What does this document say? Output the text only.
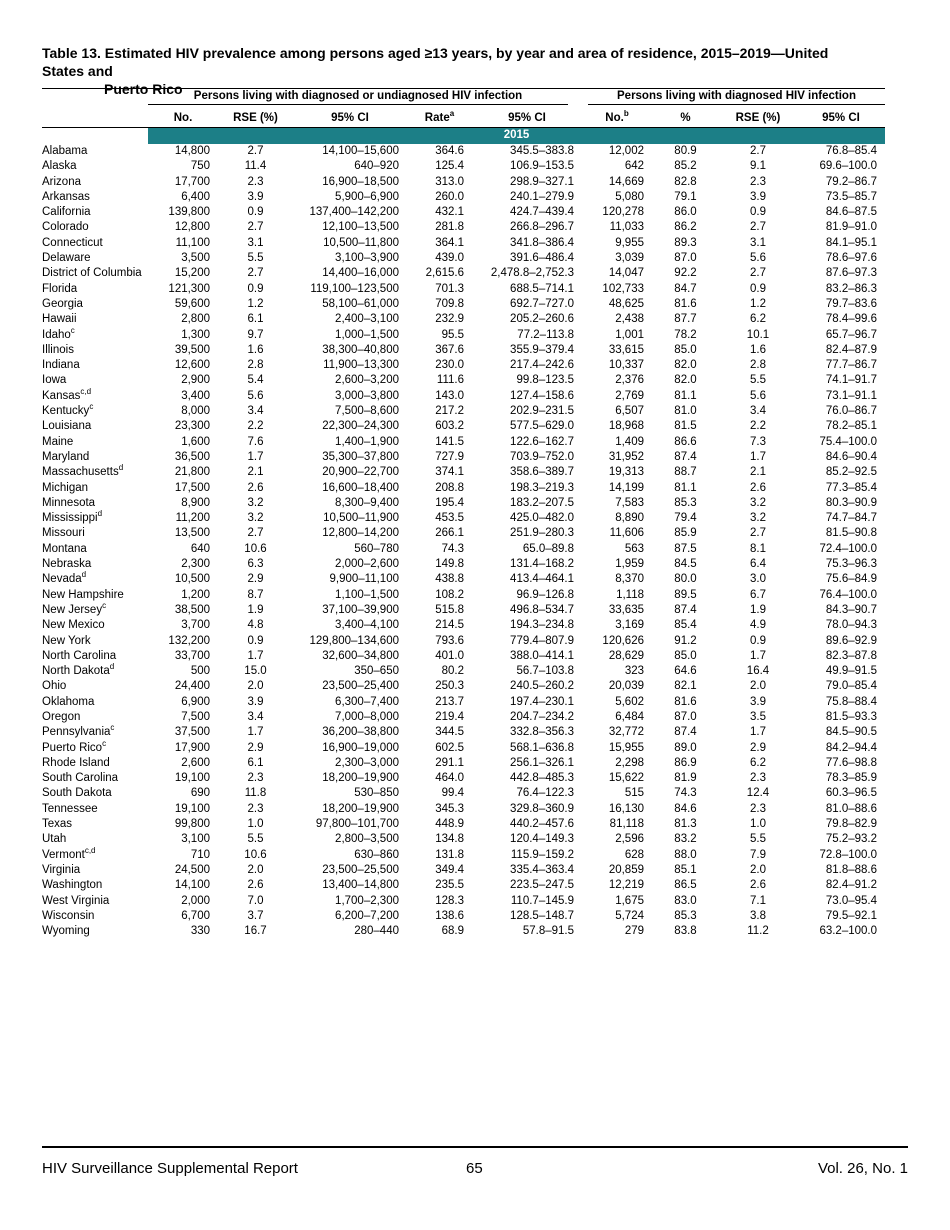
Table 13. Estimated HIV prevalence among persons aged ≥13 years, by year and area of residence, 2015–2019—United States and
Puerto Rico Persons living with diagnosed or undiagnosed HIV infection	Persons living with diagnosed HIV infection
	No.	RSE (%)	95% CI	Rate$^a$	95% CI	No.$^b$	%	RSE (%)	95% CI
	2015								
Alabama	14,800	2.7	14,100–15,600	364.6	345.5–383.8	12,002	80.9	2.7	76.8–85.4
Alaska	750	11.4	640–920	125.4	106.9–153.5	642	85.2	9.1	69.6–100.0
Arizona	17,700	2.3	16,900–18,500	313.0	298.9–327.1	14,669	82.8	2.3	79.2–86.7
Arkansas	6,400	3.9	5,900–6,900	260.0	240.1–279.9	5,080	79.1	3.9	73.5–85.7
California	139,800	0.9	137,400–142,200	432.1	424.7–439.4	120,278	86.0	0.9	84.6–87.5
Colorado	12,800	2.7	12,100–13,500	281.8	266.8–296.7	11,033	86.2	2.7	81.9–91.0
Connecticut	11,100	3.1	10,500–11,800	364.1	341.8–386.4	9,955	89.3	3.1	84.1–95.1
Delaware	3,500	5.5	3,100–3,900	439.0	391.6–486.4	3,039	87.0	5.6	78.6–97.6
District of Columbia	15,200	2.7	14,400–16,000	2,615.6	2,478.8–2,752.3	14,047	92.2	2.7	87.6–97.3
Florida	121,300	0.9	119,100–123,500	701.3	688.5–714.1	102,733	84.7	0.9	83.2–86.3
Georgia	59,600	1.2	58,100–61,000	709.8	692.7–727.0	48,625	81.6	1.2	79.7–83.6
Hawaii	2,800	6.1	2,400–3,100	232.9	205.2–260.6	2,438	87.7	6.2	78.4–99.6
Idaho$^c$	1,300	9.7	1,000–1,500	95.5	77.2–113.8	1,001	78.2	10.1	65.7–96.7
Illinois	39,500	1.6	38,300–40,800	367.6	355.9–379.4	33,615	85.0	1.6	82.4–87.9
Indiana	12,600	2.8	11,900–13,300	230.0	217.4–242.6	10,337	82.0	2.8	77.7–86.7
Iowa	2,900	5.4	2,600–3,200	111.6	99.8–123.5	2,376	82.0	5.5	74.1–91.7
Kansas$^{c,d}$	3,400	5.6	3,000–3,800	143.0	127.4–158.6	2,769	81.1	5.6	73.1–91.1
Kentucky$^c$	8,000	3.4	7,500–8,600	217.2	202.9–231.5	6,507	81.0	3.4	76.0–86.7
Louisiana	23,300	2.2	22,300–24,300	603.2	577.5–629.0	18,968	81.5	2.2	78.2–85.1
Maine	1,600	7.6	1,400–1,900	141.5	122.6–162.7	1,409	86.6	7.3	75.4–100.0
Maryland	36,500	1.7	35,300–37,800	727.9	703.9–752.0	31,952	87.4	1.7	84.6–90.4
Massachusetts$^d$	21,800	2.1	20,900–22,700	374.1	358.6–389.7	19,313	88.7	2.1	85.2–92.5
Michigan	17,500	2.6	16,600–18,400	208.8	198.3–219.3	14,199	81.1	2.6	77.3–85.4
Minnesota	8,900	3.2	8,300–9,400	195.4	183.2–207.5	7,583	85.3	3.2	80.3–90.9
Mississippi$^d$	11,200	3.2	10,500–11,900	453.5	425.0–482.0	8,890	79.4	3.2	74.7–84.7
Missouri	13,500	2.7	12,800–14,200	266.1	251.9–280.3	11,606	85.9	2.7	81.5–90.8
Montana	640	10.6	560–780	74.3	65.0–89.8	563	87.5	8.1	72.4–100.0
Nebraska	2,300	6.3	2,000–2,600	149.8	131.4–168.2	1,959	84.5	6.4	75.3–96.3
Nevada$^d$	10,500	2.9	9,900–11,100	438.8	413.4–464.1	8,370	80.0	3.0	75.6–84.9
New Hampshire	1,200	8.7	1,100–1,500	108.2	96.9–126.8	1,118	89.5	6.7	76.4–100.0
New Jersey$^c$	38,500	1.9	37,100–39,900	515.8	496.8–534.7	33,635	87.4	1.9	84.3–90.7
New Mexico	3,700	4.8	3,400–4,100	214.5	194.3–234.8	3,169	85.4	4.9	78.0–94.3
New York	132,200	0.9	129,800–134,600	793.6	779.4–807.9	120,626	91.2	0.9	89.6–92.9
North Carolina	33,700	1.7	32,600–34,800	401.0	388.0–414.1	28,629	85.0	1.7	82.3–87.8
North Dakota$^d$	500	15.0	350–650	80.2	56.7–103.8	323	64.6	16.4	49.9–91.5
Ohio	24,400	2.0	23,500–25,400	250.3	240.5–260.2	20,039	82.1	2.0	79.0–85.4
Oklahoma	6,900	3.9	6,300–7,400	213.7	197.4–230.1	5,602	81.6	3.9	75.8–88.4
Oregon	7,500	3.4	7,000–8,000	219.4	204.7–234.2	6,484	87.0	3.5	81.5–93.3
Pennsylvania$^c$	37,500	1.7	36,200–38,800	344.5	332.8–356.3	32,772	87.4	1.7	84.5–90.5
Puerto Rico$^c$	17,900	2.9	16,900–19,000	602.5	568.1–636.8	15,955	89.0	2.9	84.2–94.4
Rhode Island	2,600	6.1	2,300–3,000	291.1	256.1–326.1	2,298	86.9	6.2	77.6–98.8
South Carolina	19,100	2.3	18,200–19,900	464.0	442.8–485.3	15,622	81.9	2.3	78.3–85.9
South Dakota	690	11.8	530–850	99.4	76.4–122.3	515	74.3	12.4	60.3–96.5
Tennessee	19,100	2.3	18,200–19,900	345.3	329.8–360.9	16,130	84.6	2.3	81.0–88.6
Texas	99,800	1.0	97,800–101,700	448.9	440.2–457.6	81,118	81.3	1.0	79.8–82.9
Utah	3,100	5.5	2,800–3,500	134.8	120.4–149.3	2,596	83.2	5.5	75.2–93.2
Vermont$^{c,d}$	710	10.6	630–860	131.8	115.9–159.2	628	88.0	7.9	72.8–100.0
Virginia	24,500	2.0	23,500–25,500	349.4	335.4–363.4	20,859	85.1	2.0	81.8–88.6
Washington	14,100	2.6	13,400–14,800	235.5	223.5–247.5	12,219	86.5	2.6	82.4–91.2
West Virginia	2,000	7.0	1,700–2,300	128.3	110.7–145.9	1,675	83.0	7.1	73.0–95.4
Wisconsin	6,700	3.7	6,200–7,200	138.6	128.5–148.7	5,724	85.3	3.8	79.5–92.1
Wyoming	330	16.7	280–440	68.9	57.8–91.5	279	83.8	11.2	63.2–100.0
HIV Surveillance Supplemental Report	65	Vol. 26, No. 1
